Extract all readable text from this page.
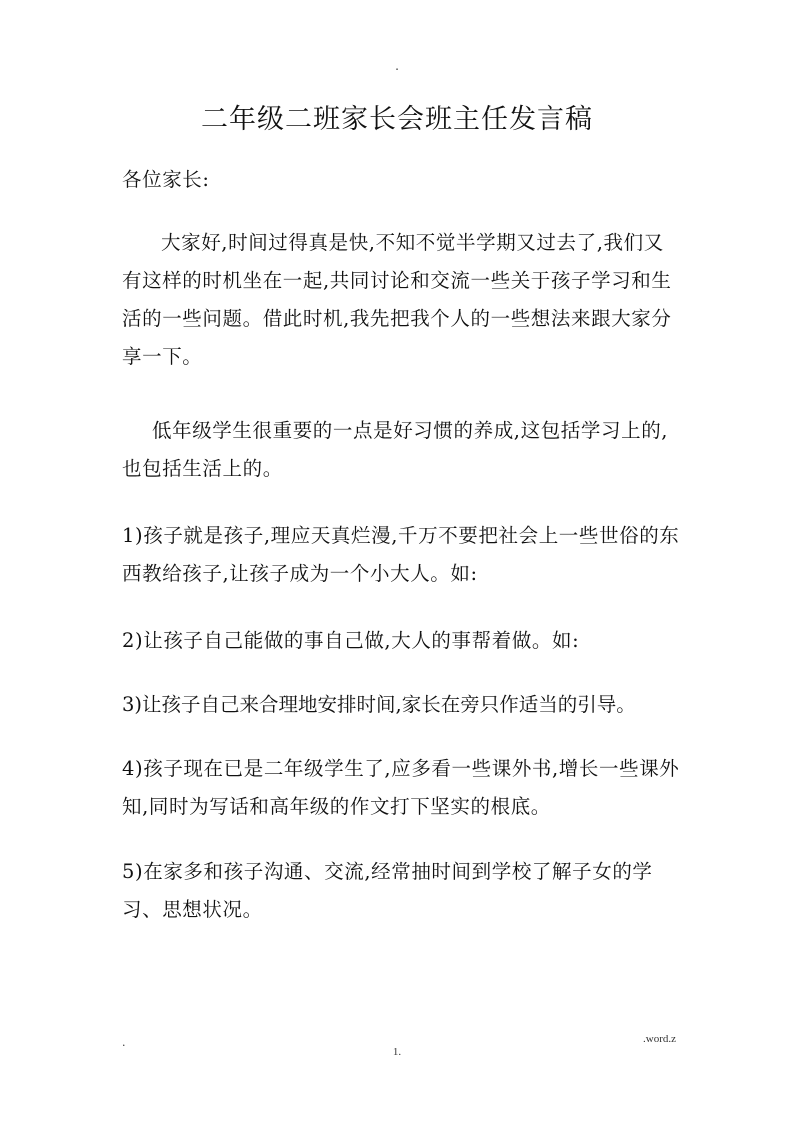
.
二年级二班家长会班主任发言稿

各位家长:

大家好,时间过得真是快,不知不觉半学期又过去了,我们又有这样的时机坐在一起,共同讨论和交流一些关于孩子学习和生活的一些问题。借此时机,我先把我个人的一些想法来跟大家分享一下。

低年级学生很重要的一点是好习惯的养成,这包括学习上的,也包括生活上的。

1)孩子就是孩子,理应天真烂漫,千万不要把社会上一些世俗的东西教给孩子,让孩子成为一个小大人。如:

2)让孩子自己能做的事自己做,大人的事帮着做。如:

3)让孩子自己来合理地安排时间,家长在旁只作适当的引导。

4)孩子现在已是二年级学生了,应多看一些课外书,增长一些课外知,同时为写话和高年级的作文打下坚实的根底。

5)在家多和孩子沟通、交流,经常抽时间到学校了解子女的学习、思想状况。

.	.word.z
1.
